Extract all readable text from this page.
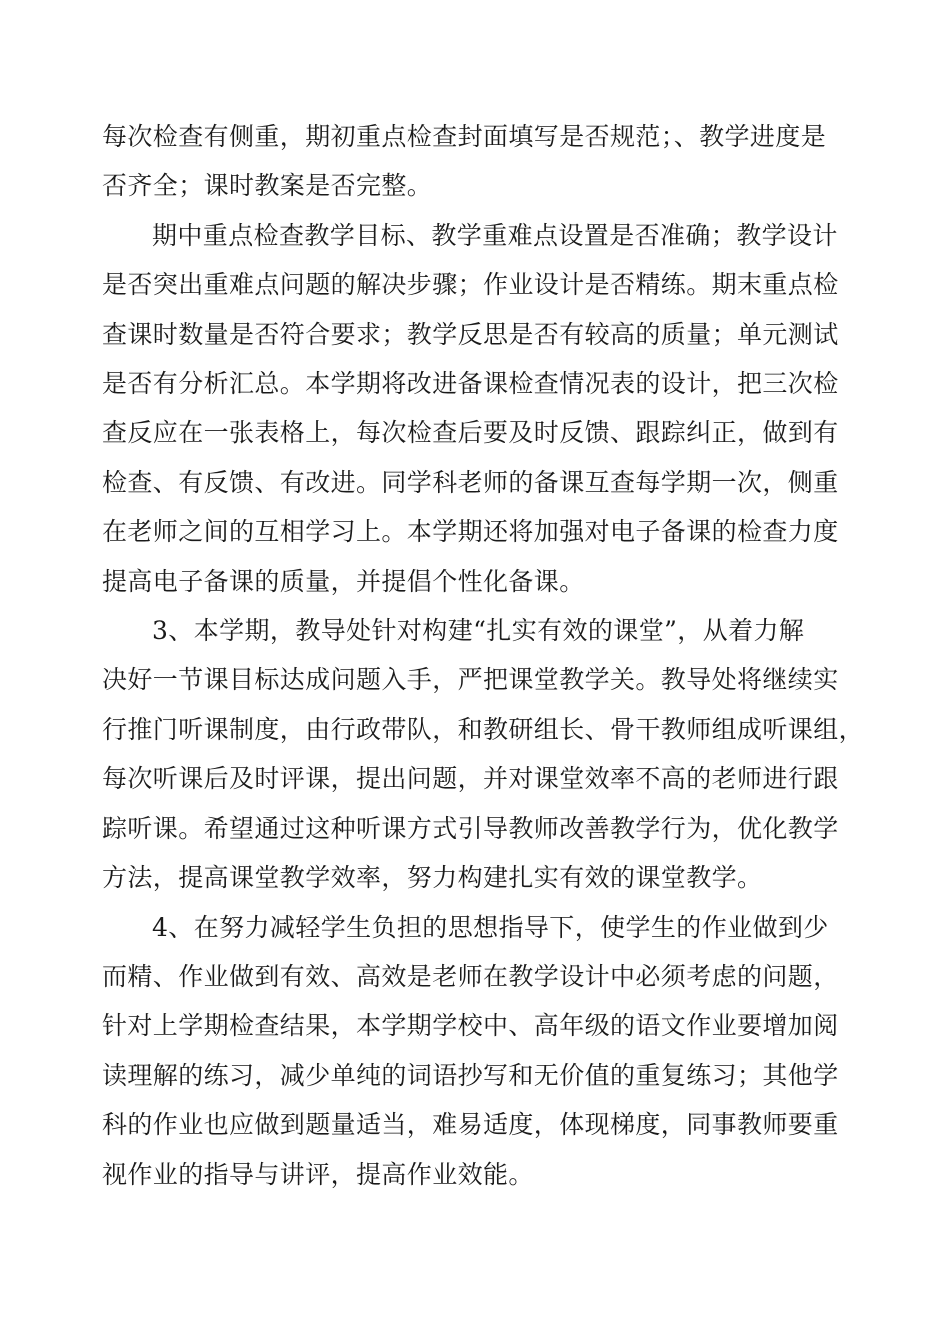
每次检查有侧重，期初重点检查封面填写是否规范；、教学进度是
否齐全；课时教案是否完整。

期中重点检查教学目标、教学重难点设置是否准确；教学设计
是否突出重难点问题的解决步骤；作业设计是否精练。期末重点检
查课时数量是否符合要求；教学反思是否有较高的质量；单元测试
是否有分析汇总。本学期将改进备课检查情况表的设计，把三次检
查反应在一张表格上，每次检查后要及时反馈、跟踪纠正，做到有
检查、有反馈、有改进。同学科老师的备课互查每学期一次，侧重
在老师之间的互相学习上。本学期还将加强对电子备课的检查力度
提高电子备课的质量，并提倡个性化备课。

3、本学期，教导处针对构建“扎实有效的课堂”，从着力解
决好一节课目标达成问题入手，严把课堂教学关。教导处将继续实
行推门听课制度，由行政带队，和教研组长、骨干教师组成听课组，
每次听课后及时评课，提出问题，并对课堂效率不高的老师进行跟
踪听课。希望通过这种听课方式引导教师改善教学行为，优化教学
方法，提高课堂教学效率，努力构建扎实有效的课堂教学。

4、在努力减轻学生负担的思想指导下，使学生的作业做到少
而精、作业做到有效、高效是老师在教学设计中必须考虑的问题，
针对上学期检查结果，本学期学校中、高年级的语文作业要增加阅
读理解的练习，减少单纯的词语抄写和无价值的重复练习；其他学
科的作业也应做到题量适当，难易适度，体现梯度，同事教师要重
视作业的指导与讲评，提高作业效能。
